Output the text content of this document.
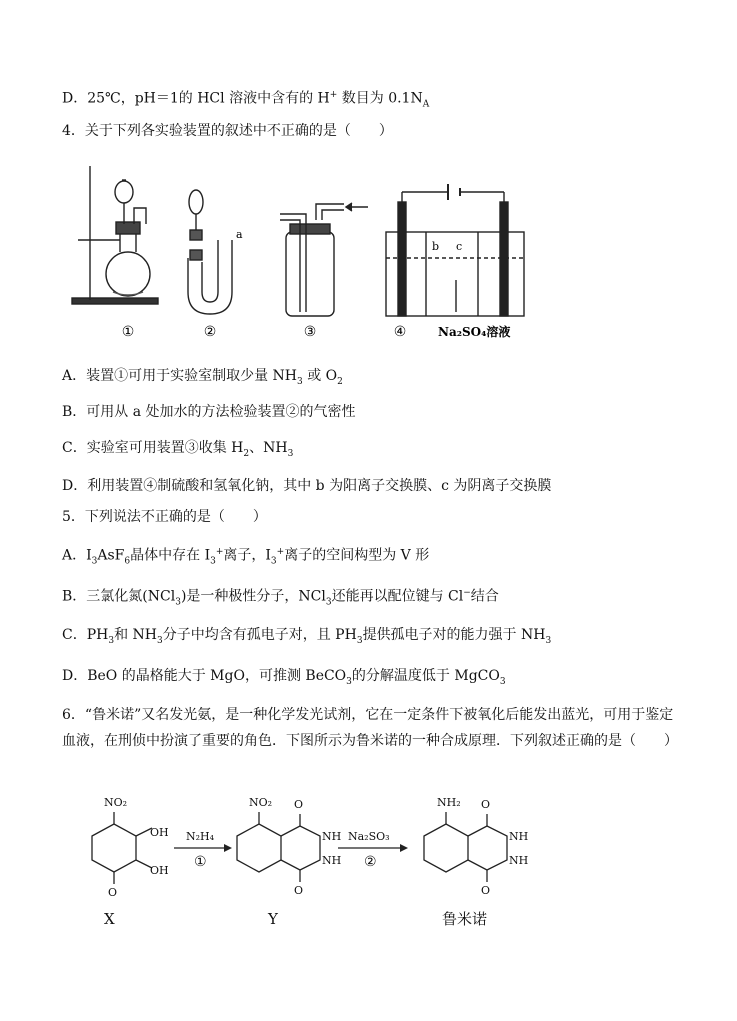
D．25℃，pH＝1的 HCl 溶液中含有的 H+ 数目为 $0.1N_A$
4．关于下列各实验装置的叙述中不正确的是（　　）
①	②
a
③	④
b c
Na₂SO₄溶液
A．装置①可用于实验室制取少量 $NH_3$ 或 $O_2$
B．可用从 a 处加水的方法检验装置②的气密性
C．实验室可用装置③收集 $H_2$、$NH_3$
D．利用装置④制硫酸和氢氧化钠，其中 b 为阳离子交换膜、c 为阴离子交换膜
5．下列说法不正确的是（　　）
A．$I_3AsF_6$晶体中存在 $I_3^+$离子，$I_3^+$离子的空间构型为 V 形
B．三氯化氮(NCl$_3$)是一种极性分子，NCl$_3$还能再以配位键与 Cl−结合
C．$PH_3$和 $NH_3$分子中均含有孤电子对，且 $PH_3$提供孤电子对的能力强于 $NH_3$
D．BeO 的晶格能大于 MgO，可推测 BeCO$_3$的分解温度低于 MgCO$_3$
6．“鲁米诺”又名发光氨，是一种化学发光试剂，它在一定条件下被氧化后能发出蓝光，可用于鉴定血液，在刑侦中扮演了重要的角色．下图所示为鲁米诺的一种合成原理．下列叙述正确的是（　　）
NO₂
OH
OH
O
NO₂ O
NH
NH
O
NH₂ O
NH
NH
O
N₂H₄
①
Na₂SO₃
②
X	Y	鲁米诺
